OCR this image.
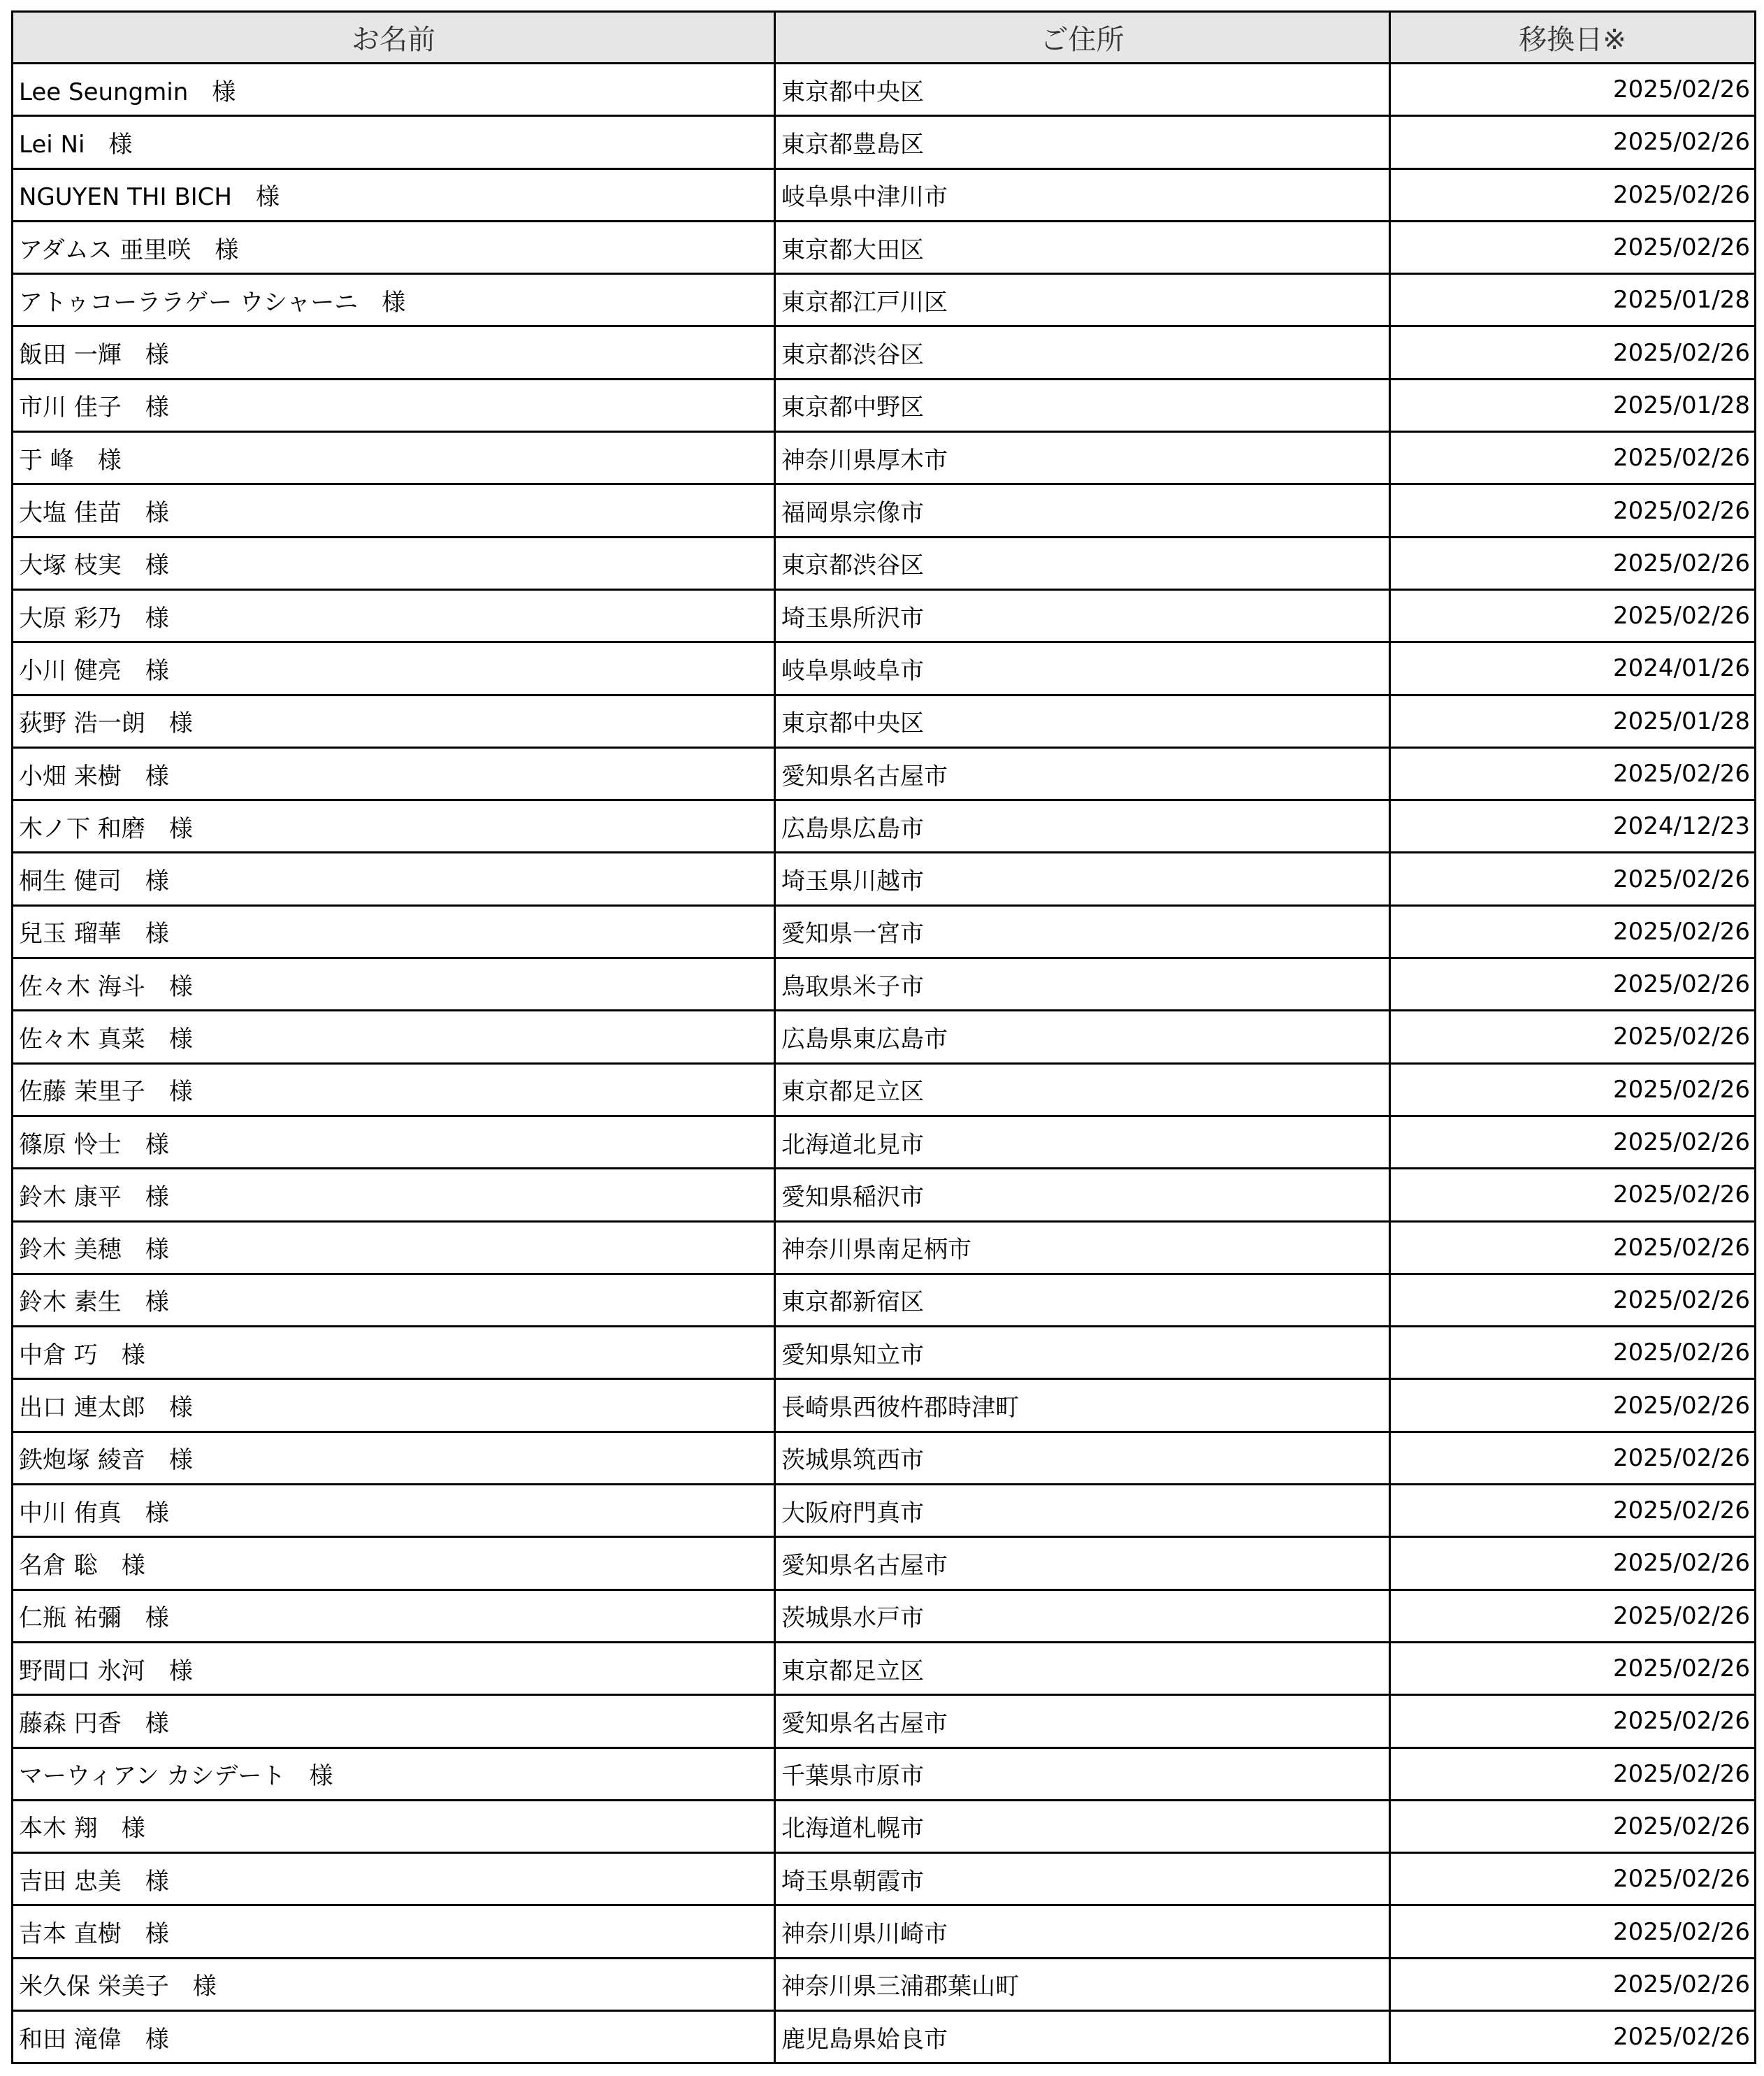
お名前	ご住所	移換日※
Lee Seungmin　様	東京都中央区	2025/02/26
Lei Ni　様	東京都豊島区	2025/02/26
NGUYEN THI BICH　様	岐阜県中津川市	2025/02/26
アダムス 亜里咲　様	東京都大田区	2025/02/26
アトゥコーララゲー ウシャーニ　様	東京都江戸川区	2025/01/28
飯田 一輝　様	東京都渋谷区	2025/02/26
市川 佳子　様	東京都中野区	2025/01/28
于 峰　様	神奈川県厚木市	2025/02/26
大塩 佳苗　様	福岡県宗像市	2025/02/26
大塚 枝実　様	東京都渋谷区	2025/02/26
大原 彩乃　様	埼玉県所沢市	2025/02/26
小川 健亮　様	岐阜県岐阜市	2024/01/26
荻野 浩一朗　様	東京都中央区	2025/01/28
小畑 来樹　様	愛知県名古屋市	2025/02/26
木ノ下 和磨　様	広島県広島市	2024/12/23
桐生 健司　様	埼玉県川越市	2025/02/26
兒玉 瑠華　様	愛知県一宮市	2025/02/26
佐々木 海斗　様	鳥取県米子市	2025/02/26
佐々木 真菜　様	広島県東広島市	2025/02/26
佐藤 茉里子　様	東京都足立区	2025/02/26
篠原 怜士　様	北海道北見市	2025/02/26
鈴木 康平　様	愛知県稲沢市	2025/02/26
鈴木 美穂　様	神奈川県南足柄市	2025/02/26
鈴木 素生　様	東京都新宿区	2025/02/26
中倉 巧　様	愛知県知立市	2025/02/26
出口 連太郎　様	長崎県西彼杵郡時津町	2025/02/26
鉄炮塚 綾音　様	茨城県筑西市	2025/02/26
中川 侑真　様	大阪府門真市	2025/02/26
名倉 聡　様	愛知県名古屋市	2025/02/26
仁瓶 祐彌　様	茨城県水戸市	2025/02/26
野間口 氷河　様	東京都足立区	2025/02/26
藤森 円香　様	愛知県名古屋市	2025/02/26
マーウィアン カシデート　様	千葉県市原市	2025/02/26
本木 翔　様	北海道札幌市	2025/02/26
吉田 忠美　様	埼玉県朝霞市	2025/02/26
吉本 直樹　様	神奈川県川崎市	2025/02/26
米久保 栄美子　様	神奈川県三浦郡葉山町	2025/02/26
和田 滝偉　様	鹿児島県姶良市	2025/02/26
